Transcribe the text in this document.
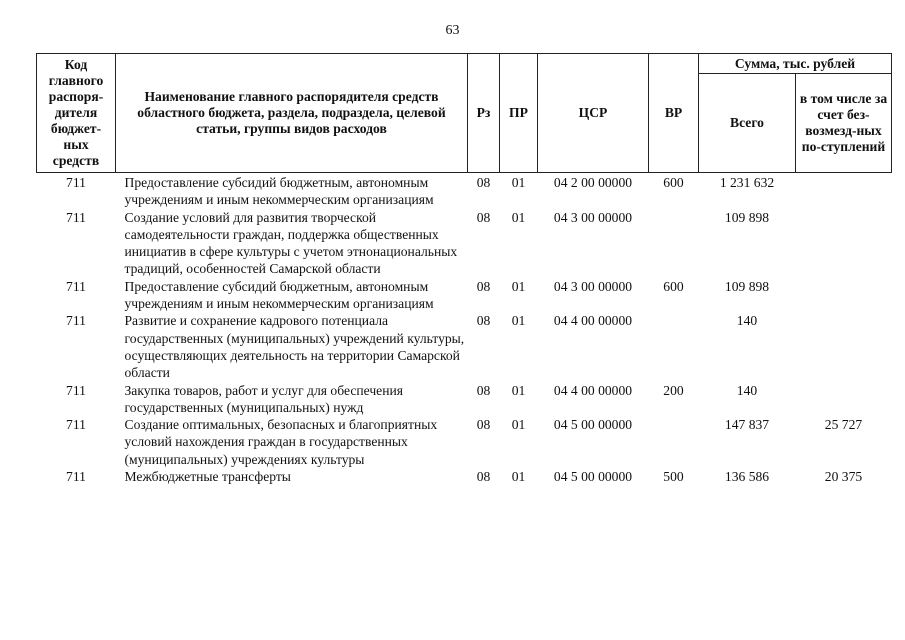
63
Код главного распоря-дителя бюджет-ных средств	Наименование главного распорядителя средств областного бюджета, раздела, подраздела, целевой статьи, группы видов расходов	Рз	ПР	ЦСР	ВР	Сумма, тыс. рублей	
						Всего	в том числе за счет без-возмезд-ных по-ступлений
711	Предоставление субсидий бюджетным, автономным учреждениям и иным некоммерческим организациям	08	01	04 2 00 00000	600	1 231 632	
711	Создание условий для развития творческой самодеятельности граждан, поддержка общественных инициатив в сфере культуры с учетом этнонациональных традиций, особенностей Самарской области	08	01	04 3 00 00000		109 898	
711	Предоставление субсидий бюджетным, автономным учреждениям и иным некоммерческим организациям	08	01	04 3 00 00000	600	109 898	
711	Развитие и сохранение кадрового потенциала государственных (муниципальных) учреждений культуры, осуществляющих деятельность на территории Самарской области	08	01	04 4 00 00000		140	
711	Закупка товаров, работ и услуг для обеспечения государственных (муниципальных) нужд	08	01	04 4 00 00000	200	140	
711	Создание оптимальных, безопасных и благоприятных условий нахождения граждан в государственных (муниципальных) учреждениях культуры	08	01	04 5 00 00000		147 837	25 727
711	Межбюджетные трансферты	08	01	04 5 00 00000	500	136 586	20 375
